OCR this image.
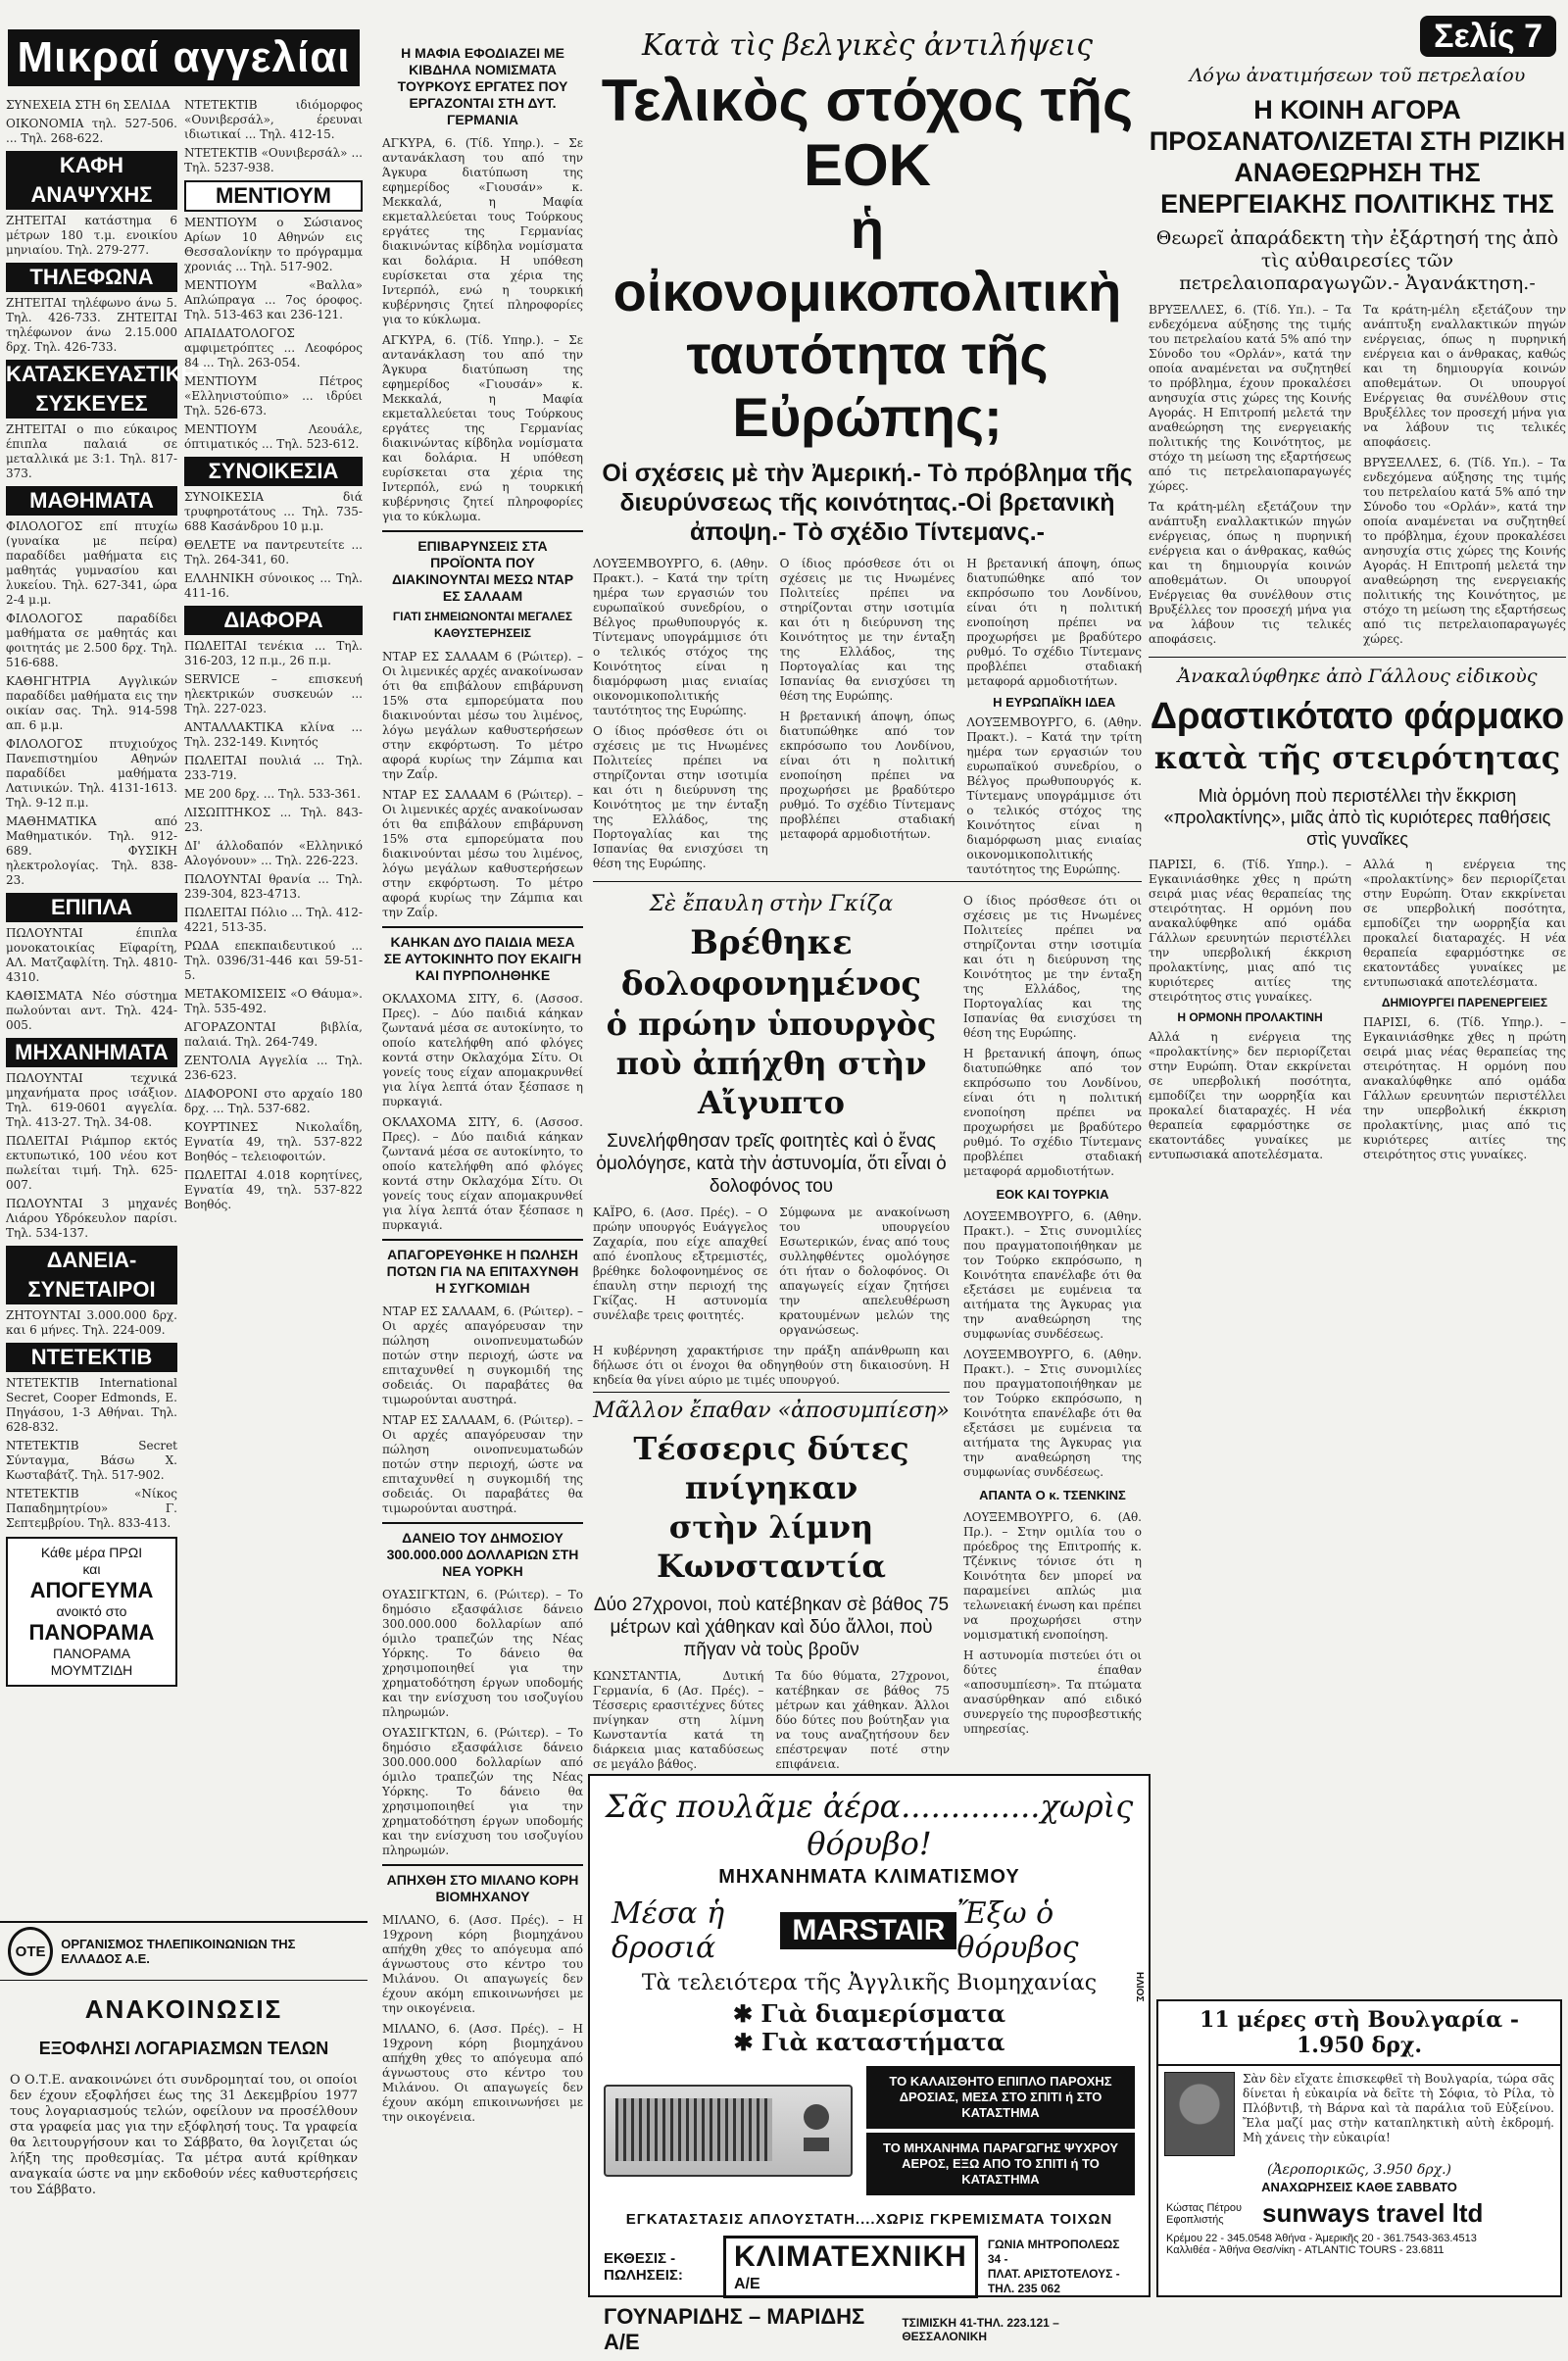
Μικραί αγγελίαι
ΣΥΝΕΧΕΙΑ ΣΤΗ 6η ΣΕΛΙΔΑ
ΟΙΚΟΝΟΜΙΑ τηλ. 527-506. ... Τηλ. 268-622.
ΚΑΦΗ ΑΝΑΨΥΧΗΣ
ΖΗΤΕΙΤΑΙ κατάστημα 6 μέτρων 180 τ.μ. ενοικίου μηνιαίου. Τηλ. 279-277.
ΤΗΛΕΦΩΝΑ
ΖΗΤΕΙΤΑΙ τηλέφωνο άνω 5. Τηλ. 426-733. ΖΗΤΕΙΤΑΙ τηλέφωνον άνω 2.15.000 δρχ. Τηλ. 426-733.
ΚΑΤΑΣΚΕΥΑΣΤΙΚΕΣ ΣΥΣΚΕΥΕΣ
ΖΗΤΕΙΤΑΙ ο πιο εύκαιρος έπιπλα παλαιά σε μεταλλικά με 3:1. Τηλ. 817-373.
ΜΑΘΗΜΑΤΑ
ΦΙΛΟΛΟΓΟΣ επί πτυχίω (γυναίκα με πείρα) παραδίδει μαθήματα εις μαθητάς γυμνασίου και λυκείου. Τηλ. 627-341, ώρα 2-4 μ.μ.
ΦΙΛΟΛΟΓΟΣ παραδίδει μαθήματα σε μαθητάς και φοιτητάς με 2.500 δρχ. Τηλ. 516-688.
ΚΑΘΗΓΗΤΡΙΑ Αγγλικών παραδίδει μαθήματα εις την οικίαν σας. Τηλ. 914-598 απ. 6 μ.μ.
ΦΙΛΟΛΟΓΟΣ πτυχιούχος Πανεπιστημίου Αθηνών παραδίδει μαθήματα Λατινικών. Τηλ. 4131-1613. Τηλ. 9-12 π.μ.
ΜΑΘΗΜΑΤΙΚΑ από Μαθηματικόν. Τηλ. 912-689. ΦΥΣΙΚΗ ηλεκτρολογίας. Τηλ. 838-23.
ΕΠΙΠΛΑ
ΠΩΛΟΥΝΤΑΙ έπιπλα μονοκατοικίας Εϊφαρίτη, ΑΛ. Ματζαφλίτη. Τηλ. 4810-4310.
ΚΑΘΙΣΜΑΤΑ Νέο σύστημα πωλούνται αντ. Τηλ. 424-005.
ΜΗΧΑΝΗΜΑΤΑ
ΠΩΛΟΥΝΤΑΙ τεχνικά μηχανήματα προς ισάξιον. Τηλ. 619-0601 αγγελία. Τηλ. 413-27. Τηλ. 34-08.
ΠΩΛΕΙΤΑΙ Ριάμπορ εκτός εκτυπωτικό, 100 νέου κοτ πωλείται τιμή. Τηλ. 625-007.
ΠΩΛΟΥΝΤΑΙ 3 μηχανές Λιάρου Υδρόκευλον παρίσι. Τηλ. 534-137.
ΔΑΝΕΙΑ-ΣΥΝΕΤΑΙΡΟΙ
ΖΗΤΟΥΝΤΑΙ 3.000.000 δρχ. και 6 μήνες. Τηλ. 224-009.
ΝΤΕΤΕΚΤΙΒ
ΝΤΕΤΕΚΤΙΒ International Secret, Cooper Edmonds, Ε. Πηγάσου, 1-3 Αθήναι. Τηλ. 628-832.
ΝΤΕΤΕΚΤΙΒ Secret Σύνταγμα, Βάσω Χ. Κωσταβάτζ. Τηλ. 517-902.
ΝΤΕΤΕΚΤΙΒ «Νίκος Παπαδημητρίου» Γ. Σεπτεμβρίου. Τηλ. 833-413.
Κάθε μέρα ΠΡΩΙ
και
ΑΠΟΓΕΥΜΑ
ανοικτό στο
ΠΑΝΟΡΑΜΑ
ΠΑΝΟΡΑΜΑ
ΜΟΥΜΤΖΙΔΗ
ΝΤΕΤΕΚΤΙΒ ιδιόμορφος «Ουνιβερσάλ», έρευναι ιδιωτικαί ... Τηλ. 412-15.
ΝΤΕΤΕΚΤΙΒ «Ουνιβερσάλ» ... Τηλ. 5237-938.
ΜΕΝΤΙΟΥΜ
ΜΕΝΤΙΟΥΜ ο Σώσιανος Αρίων 10 Αθηνών εις Θεσσαλονίκην το πρόγραμμα χρονιάς ... Τηλ. 517-902.
ΜΕΝΤΙΟΥΜ «Βαλλα» Απλώπραγα ... 7ος όροφος. Τηλ. 513-463 και 236-121.
ΑΠΑΙΔΑΤΟΛΟΓΟΣ αμφιμετρόπτες ... Λεοφόρος 84 ... Τηλ. 263-054.
ΜΕΝΤΙΟΥΜ Πέτρος «Ελληνιστούπιο» ... ιδρύει Τηλ. 526-673.
ΜΕΝΤΙΟΥΜ Λεουάλε, όπτιματικός ... Τηλ. 523-612.
ΣΥΝΟΙΚΕΣΙΑ
ΣΥΝΟΙΚΕΣΙΑ διά τρυφηροτάτους ... Τηλ. 735-688 Κασάνδρου 10 μ.μ.
ΘΕΛΕΤΕ να παντρευτείτε ... Τηλ. 264-341, 60.
ΕΛΛΗΝΙΚΗ σύνοικος ... Τηλ. 411-16.
ΔΙΑΦΟΡΑ
ΠΩΛΕΙΤΑΙ τενέκια ... Τηλ. 316-203, 12 π.μ., 26 π.μ.
SERVICE – επισκευή ηλεκτρικών συσκευών ... Τηλ. 227-023.
ΑΝΤΑΛΛΑΚΤΙΚΑ κλίνα ... Τηλ. 232-149. Κινητός
ΠΩΛΕΙΤΑΙ πουλιά ... Τηλ. 233-719.
ΜΕ 200 δρχ. ... Τηλ. 533-361.
ΛΙΣΩΠΤΗΚΟΣ ... Τηλ. 843-23.
ΔΙ' άλλοδαπόν «Ελληνικό Αλογόνουν» ... Τηλ. 226-223.
ΠΩΛΟΥΝΤΑΙ θρανία ... Τηλ. 239-304, 823-4713.
ΠΩΛΕΙΤΑΙ Πόλιο ... Τηλ. 412-4221, 513-35.
ΡΩΔΑ επεκπαιδευτικού ... Τηλ. 0396/31-446 και 59-51-5.
ΜΕΤΑΚΟΜΙΣΕΙΣ «Ο Θάυμα». Τηλ. 535-492.
ΑΓΟΡΑΖΟΝΤΑΙ βιβλία, παλαιά. Τηλ. 264-749.
ΖΕΝΤΟΛΙΑ Αγγελία ... Τηλ. 236-623.
ΔΙΑΦΟΡΟΝΙ στο αρχαίο 180 δρχ. ... Τηλ. 537-682.
ΚΟΥΡΤΙΝΕΣ Νικολαΐδη, Εγνατία 49, τηλ. 537-822 Βοηθός – τελειοφοιτών.
ΠΩΛΕΙΤΑΙ 4.018 κορητίνες, Εγνατία 49, τηλ. 537-822 Βοηθός.
ΟΤΕ	ΟΡΓΑΝΙΣΜΟΣ ΤΗΛΕΠΙΚΟΙΝΩΝΙΩΝ ΤΗΣ ΕΛΛΑΔΟΣ Α.Ε.
ΑΝΑΚΟΙΝΩΣΙΣ
ΕΞΟΦΛΗΣΙ ΛΟΓΑΡΙΑΣΜΩΝ ΤΕΛΩΝ

Ο Ο.Τ.Ε. ανακοινώνει ότι συνδρομηταί του, οι οποίοι δεν έχουν εξοφλήσει έως της 31 Δεκεμβρίου 1977 τους λογαριασμούς τελών, οφείλουν να προσέλθουν στα γραφεία μας για την εξόφλησή τους. Τα γραφεία θα λειτουργήσουν και το Σάββατο, θα λογιζεται ώς λήξη της προθεσμίας. Τα μέτρα αυτά κρίθηκαν αναγκαία ώστε να μην εκδοθούν νέες καθυστερήσεις του Σάββατο.

Η ΜΑΦΙΑ ΕΦΟΔΙΑΖΕΙ ΜΕ ΚΙΒΔΗΛΑ ΝΟΜΙΣΜΑΤΑ ΤΟΥΡΚΟΥΣ ΕΡΓΑΤΕΣ ΠΟΥ ΕΡΓΑΖΟΝΤΑΙ ΣΤΗ ΔΥΤ. ΓΕΡΜΑΝΙΑ

ΑΓΚΥΡΑ, 6. (Τίδ. Υπηρ.). – Σε αντανάκλαση του από την Άγκυρα διατύπωση της εφημερίδος «Γιουσάν» κ. Μεκκαλά, η Μαφία εκμεταλλεύεται τους Τούρκους εργάτες της Γερμανίας διακινώντας κίβδηλα νομίσματα και δολάρια. Η υπόθεση ευρίσκεται στα χέρια της Ιντερπόλ, ενώ η τουρκική κυβέρνησις ζητεί πληροφορίες για το κύκλωμα.

ΑΓΚΥΡΑ, 6. (Τίδ. Υπηρ.). – Σε αντανάκλαση του από την Άγκυρα διατύπωση της εφημερίδος «Γιουσάν» κ. Μεκκαλά, η Μαφία εκμεταλλεύεται τους Τούρκους εργάτες της Γερμανίας διακινώντας κίβδηλα νομίσματα και δολάρια. Η υπόθεση ευρίσκεται στα χέρια της Ιντερπόλ, ενώ η τουρκική κυβέρνησις ζητεί πληροφορίες για το κύκλωμα.

ΕΠΙΒΑΡΥΝΣΕΙΣ ΣΤΑ ΠΡΟΪΟΝΤΑ ΠΟΥ ΔΙΑΚΙΝΟΥΝΤΑΙ ΜΕΣΩ ΝΤΑΡ ΕΣ ΣΑΛΑΑΜ
ΓΙΑΤΙ ΣΗΜΕΙΩΝΟΝΤΑΙ ΜΕΓΑΛΕΣ ΚΑΘΥΣΤΕΡΗΣΕΙΣ

ΝΤΑΡ ΕΣ ΣΑΛΑΑΜ 6 (Ρώιτερ). – Οι λιμενικές αρχές ανακοίνωσαν ότι θα επιβάλουν επιβάρυνση 15% στα εμπορεύματα που διακινούνται μέσω του λιμένος, λόγω μεγάλων καθυστερήσεων στην εκφόρτωση. Το μέτρο αφορά κυρίως την Ζάμπια και την Ζαΐρ.

ΝΤΑΡ ΕΣ ΣΑΛΑΑΜ 6 (Ρώιτερ). – Οι λιμενικές αρχές ανακοίνωσαν ότι θα επιβάλουν επιβάρυνση 15% στα εμπορεύματα που διακινούνται μέσω του λιμένος, λόγω μεγάλων καθυστερήσεων στην εκφόρτωση. Το μέτρο αφορά κυρίως την Ζάμπια και την Ζαΐρ.

ΚΑΗΚΑΝ ΔΥΟ ΠΑΙΔΙΑ ΜΕΣΑ ΣΕ ΑΥΤΟΚΙΝΗΤΟ ΠΟΥ ΕΚΑΙΓΗ ΚΑΙ ΠΥΡΠΟΛΗΘΗΚΕ

ΟΚΛΑΧΟΜΑ ΣΙΤΥ, 6. (Ασσοσ. Πρες). – Δύο παιδιά κάηκαν ζωντανά μέσα σε αυτοκίνητο, το οποίο κατελήφθη από φλόγες κοντά στην Οκλαχόμα Σίτυ. Οι γονείς τους είχαν απομακρυνθεί για λίγα λεπτά όταν ξέσπασε η πυρκαγιά.

ΟΚΛΑΧΟΜΑ ΣΙΤΥ, 6. (Ασσοσ. Πρες). – Δύο παιδιά κάηκαν ζωντανά μέσα σε αυτοκίνητο, το οποίο κατελήφθη από φλόγες κοντά στην Οκλαχόμα Σίτυ. Οι γονείς τους είχαν απομακρυνθεί για λίγα λεπτά όταν ξέσπασε η πυρκαγιά.

ΑΠΑΓΟΡΕΥΘΗΚΕ Η ΠΩΛΗΣΗ ΠΟΤΩΝ ΓΙΑ ΝΑ ΕΠΙΤΑΧΥΝΘΗ Η ΣΥΓΚΟΜΙΔΗ

ΝΤΑΡ ΕΣ ΣΑΛΑΑΜ, 6. (Ρώιτερ). – Οι αρχές απαγόρευσαν την πώληση οινοπνευματωδών ποτών στην περιοχή, ώστε να επιταχυνθεί η συγκομιδή της σοδειάς. Οι παραβάτες θα τιμωρούνται αυστηρά.

ΝΤΑΡ ΕΣ ΣΑΛΑΑΜ, 6. (Ρώιτερ). – Οι αρχές απαγόρευσαν την πώληση οινοπνευματωδών ποτών στην περιοχή, ώστε να επιταχυνθεί η συγκομιδή της σοδειάς. Οι παραβάτες θα τιμωρούνται αυστηρά.

ΔΑΝΕΙΟ ΤΟΥ ΔΗΜΟΣΙΟΥ 300.000.000 ΔΟΛΛΑΡΙΩΝ ΣΤΗ ΝΕΑ ΥΟΡΚΗ

ΟΥΑΣΙΓΚΤΩΝ, 6. (Ρώιτερ). – Το δημόσιο εξασφάλισε δάνειο 300.000.000 δολλαρίων από όμιλο τραπεζών της Νέας Υόρκης. Το δάνειο θα χρησιμοποιηθεί για την χρηματοδότηση έργων υποδομής και την ενίσχυση του ισοζυγίου πληρωμών.

ΟΥΑΣΙΓΚΤΩΝ, 6. (Ρώιτερ). – Το δημόσιο εξασφάλισε δάνειο 300.000.000 δολλαρίων από όμιλο τραπεζών της Νέας Υόρκης. Το δάνειο θα χρησιμοποιηθεί για την χρηματοδότηση έργων υποδομής και την ενίσχυση του ισοζυγίου πληρωμών.

ΑΠΗΧΘΗ ΣΤΟ ΜΙΛΑΝΟ ΚΟΡΗ ΒΙΟΜΗΧΑΝΟΥ

ΜΙΛΑΝΟ, 6. (Ασσ. Πρές). – Η 19χρονη κόρη βιομηχάνου απήχθη χθες το απόγευμα από άγνωστους στο κέντρο του Μιλάνου. Οι απαγωγείς δεν έχουν ακόμη επικοινωνήσει με την οικογένεια.

ΜΙΛΑΝΟ, 6. (Ασσ. Πρές). – Η 19χρονη κόρη βιομηχάνου απήχθη χθες το απόγευμα από άγνωστους στο κέντρο του Μιλάνου. Οι απαγωγείς δεν έχουν ακόμη επικοινωνήσει με την οικογένεια.

Κατὰ τὶς βελγικὲς ἀντιλήψεις
Τελικὸς στόχος τῆς ΕΟΚ
ἡ οἰκονομικοπολιτικὴ
ταυτότητα τῆς Εὐρώπης;
Οἱ σχέσεις μὲ τὴν Ἀμερική.- Τὸ πρόβλημα τῆς διευρύνσεως τῆς κοινότητας.-Οἱ βρετανικὴ ἀποψη.- Τὸ σχέδιο Τίντεμανς.-

ΛΟΥΞΕΜΒΟΥΡΓΟ, 6. (Αθην. Πρακτ.). – Κατά την τρίτη ημέρα των εργασιών του ευρωπαϊκού συνεδρίου, ο Βέλγος πρωθυπουργός κ. Τίντεμανς υπογράμμισε ότι ο τελικός στόχος της Κοινότητος είναι η διαμόρφωση μιας ενιαίας οικονομικοπολιτικής ταυτότητος της Ευρώπης.

Ο ίδιος πρόσθεσε ότι οι σχέσεις με τις Ηνωμένες Πολιτείες πρέπει να στηρίζονται στην ισοτιμία και ότι η διεύρυνση της Κοινότητος με την ένταξη της Ελλάδος, της Πορτογαλίας και της Ισπανίας θα ενισχύσει τη θέση της Ευρώπης.

Ο ίδιος πρόσθεσε ότι οι σχέσεις με τις Ηνωμένες Πολιτείες πρέπει να στηρίζονται στην ισοτιμία και ότι η διεύρυνση της Κοινότητος με την ένταξη της Ελλάδος, της Πορτογαλίας και της Ισπανίας θα ενισχύσει τη θέση της Ευρώπης.

Η βρετανική άποψη, όπως διατυπώθηκε από τον εκπρόσωπο του Λονδίνου, είναι ότι η πολιτική ενοποίηση πρέπει να προχωρήσει με βραδύτερο ρυθμό. Το σχέδιο Τίντεμανς προβλέπει σταδιακή μεταφορά αρμοδιοτήτων.

Η βρετανική άποψη, όπως διατυπώθηκε από τον εκπρόσωπο του Λονδίνου, είναι ότι η πολιτική ενοποίηση πρέπει να προχωρήσει με βραδύτερο ρυθμό. Το σχέδιο Τίντεμανς προβλέπει σταδιακή μεταφορά αρμοδιοτήτων.

Η ΕΥΡΩΠΑΪΚΗ ΙΔΕΑ

ΛΟΥΞΕΜΒΟΥΡΓΟ, 6. (Αθην. Πρακτ.). – Κατά την τρίτη ημέρα των εργασιών του ευρωπαϊκού συνεδρίου, ο Βέλγος πρωθυπουργός κ. Τίντεμανς υπογράμμισε ότι ο τελικός στόχος της Κοινότητος είναι η διαμόρφωση μιας ενιαίας οικονομικοπολιτικής ταυτότητος της Ευρώπης.

Σὲ ἔπαυλη στὴν Γκίζα
Βρέθηκε δολοφονημένος
ὁ πρώην ὑπουργὸς
ποὺ ἀπήχθη στὴν Αἴγυπτο
Συνελήφθησαν τρεῖς φοιτητὲς καὶ ὁ ἕνας ὁμολόγησε, κατὰ τὴν ἀστυνομία, ὅτι εἶναι ὁ δολοφόνος του

ΚΑΪΡΟ, 6. (Ασσ. Πρές). – Ο πρώην υπουργός Ευάγγελος Ζαχαρία, που είχε απαχθεί από ένοπλους εξτρεμιστές, βρέθηκε δολοφονημένος σε έπαυλη στην περιοχή της Γκίζας. Η αστυνομία συνέλαβε τρεις φοιτητές.

Σύμφωνα με ανακοίνωση του υπουργείου Εσωτερικών, ένας από τους συλληφθέντες ομολόγησε ότι ήταν ο δολοφόνος. Οι απαγωγείς είχαν ζητήσει την απελευθέρωση κρατουμένων μελών της οργανώσεως.

Η κυβέρνηση χαρακτήρισε την πράξη απάνθρωπη και δήλωσε ότι οι ένοχοι θα οδηγηθούν στη δικαιοσύνη. Η κηδεία θα γίνει αύριο με τιμές υπουργού.

Μᾶλλον ἔπαθαν «ἀποσυμπίεση»
Τέσσερις δύτες πνίγηκαν
στὴν λίμνη Κωνσταντία
Δύο 27χρονοι, ποὺ κατέβηκαν σὲ βάθος 75 μέτρων καὶ χάθηκαν καὶ δύο ἄλλοι, ποὺ πῆγαν νὰ τοὺς βροῦν

ΚΩΝΣΤΑΝΤΙΑ, Δυτική Γερμανία, 6 (Ασ. Πρές). – Τέσσερις ερασιτέχνες δύτες πνίγηκαν στη λίμνη Κωνσταντία κατά τη διάρκεια μιας καταδύσεως σε μεγάλο βάθος.

Τα δύο θύματα, 27χρονοι, κατέβηκαν σε βάθος 75 μέτρων και χάθηκαν. Άλλοι δύο δύτες που βούτηξαν για να τους αναζητήσουν δεν επέστρεψαν ποτέ στην επιφάνεια.

Ο ίδιος πρόσθεσε ότι οι σχέσεις με τις Ηνωμένες Πολιτείες πρέπει να στηρίζονται στην ισοτιμία και ότι η διεύρυνση της Κοινότητος με την ένταξη της Ελλάδος, της Πορτογαλίας και της Ισπανίας θα ενισχύσει τη θέση της Ευρώπης.

Η βρετανική άποψη, όπως διατυπώθηκε από τον εκπρόσωπο του Λονδίνου, είναι ότι η πολιτική ενοποίηση πρέπει να προχωρήσει με βραδύτερο ρυθμό. Το σχέδιο Τίντεμανς προβλέπει σταδιακή μεταφορά αρμοδιοτήτων.

ΕΟΚ ΚΑΙ ΤΟΥΡΚΙΑ

ΛΟΥΞΕΜΒΟΥΡΓΟ, 6. (Αθην. Πρακτ.). – Στις συνομιλίες που πραγματοποιήθηκαν με τον Τούρκο εκπρόσωπο, η Κοινότητα επανέλαβε ότι θα εξετάσει με ευμένεια τα αιτήματα της Άγκυρας για την αναθεώρηση της συμφωνίας συνδέσεως.

ΛΟΥΞΕΜΒΟΥΡΓΟ, 6. (Αθην. Πρακτ.). – Στις συνομιλίες που πραγματοποιήθηκαν με τον Τούρκο εκπρόσωπο, η Κοινότητα επανέλαβε ότι θα εξετάσει με ευμένεια τα αιτήματα της Άγκυρας για την αναθεώρηση της συμφωνίας συνδέσεως.

ΑΠΑΝΤΑ Ο κ. ΤΣΕΝΚΙΝΣ

ΛΟΥΞΕΜΒΟΥΡΓΟ, 6. (Αθ. Πρ.). – Στην ομιλία του ο πρόεδρος της Επιτροπής κ. Τζένκινς τόνισε ότι η Κοινότητα δεν μπορεί να παραμείνει απλώς μια τελωνειακή ένωση και πρέπει να προχωρήσει στην νομισματική ενοποίηση.

Η αστυνομία πιστεύει ότι οι δύτες έπαθαν «αποσυμπίεση». Τα πτώματα ανασύρθηκαν από ειδικό συνεργείο της πυροσβεστικής υπηρεσίας.

Σελίς 7
Λόγω ἀνατιμήσεων τοῦ πετρελαίου
Η ΚΟΙΝΗ ΑΓΟΡΑ ΠΡΟΣΑΝΑΤΟΛΙΖΕΤΑΙ ΣΤΗ ΡΙΖΙΚΗ ΑΝΑΘΕΩΡΗΣΗ ΤΗΣ ΕΝΕΡΓΕΙΑΚΗΣ ΠΟΛΙΤΙΚΗΣ ΤΗΣ
Θεωρεῖ ἀπαράδεκτη τὴν ἐξάρτησή της ἀπὸ τὶς αὐθαιρεσίες τῶν πετρελαιοπαραγωγῶν.- Ἀγανάκτηση.-

ΒΡΥΞΕΛΛΕΣ, 6. (Τίδ. Υπ.). – Τα ενδεχόμενα αύξησης της τιμής του πετρελαίου κατά 5% από την Σύνοδο του «Ορλάν», κατά την οποία αναμένεται να συζητηθεί το πρόβλημα, έχουν προκαλέσει ανησυχία στις χώρες της Κοινής Αγοράς. Η Επιτροπή μελετά την αναθεώρηση της ενεργειακής πολιτικής της Κοινότητος, με στόχο τη μείωση της εξαρτήσεως από τις πετρελαιοπαραγωγές χώρες.

Τα κράτη-μέλη εξετάζουν την ανάπτυξη εναλλακτικών πηγών ενέργειας, όπως η πυρηνική ενέργεια και ο άνθρακας, καθώς και τη δημιουργία κοινών αποθεμάτων. Οι υπουργοί Ενέργειας θα συνέλθουν στις Βρυξέλλες τον προσεχή μήνα για να λάβουν τις τελικές αποφάσεις.

Τα κράτη-μέλη εξετάζουν την ανάπτυξη εναλλακτικών πηγών ενέργειας, όπως η πυρηνική ενέργεια και ο άνθρακας, καθώς και τη δημιουργία κοινών αποθεμάτων. Οι υπουργοί Ενέργειας θα συνέλθουν στις Βρυξέλλες τον προσεχή μήνα για να λάβουν τις τελικές αποφάσεις.

ΒΡΥΞΕΛΛΕΣ, 6. (Τίδ. Υπ.). – Τα ενδεχόμενα αύξησης της τιμής του πετρελαίου κατά 5% από την Σύνοδο του «Ορλάν», κατά την οποία αναμένεται να συζητηθεί το πρόβλημα, έχουν προκαλέσει ανησυχία στις χώρες της Κοινής Αγοράς. Η Επιτροπή μελετά την αναθεώρηση της ενεργειακής πολιτικής της Κοινότητος, με στόχο τη μείωση της εξαρτήσεως από τις πετρελαιοπαραγωγές χώρες.

Ἀνακαλύφθηκε ἀπὸ Γάλλους εἰδικοὺς
Δραστικότατο φάρμακο
κατὰ τῆς στειρότητας
Μιὰ ὁρμόνη ποὺ περιστέλλει τὴν ἔκκριση «προλακτίνης», μιᾶς ἀπὸ τὶς κυριότερες παθήσεις στὶς γυναῖκες

ΠΑΡΙΣΙ, 6. (Τίδ. Υπηρ.). – Εγκαινιάσθηκε χθες η πρώτη σειρά μιας νέας θεραπείας της στειρότητας. Η ορμόνη που ανακαλύφθηκε από ομάδα Γάλλων ερευνητών περιστέλλει την υπερβολική έκκριση προλακτίνης, μιας από τις κυριότερες αιτίες της στειρότητος στις γυναίκες.

Η ΟΡΜΟΝΗ ΠΡΟΛΑΚΤΙΝΗ

Αλλά η ενέργεια της «προλακτίνης» δεν περιορίζεται στην Ευρώπη. Όταν εκκρίνεται σε υπερβολική ποσότητα, εμποδίζει την ωορρηξία και προκαλεί διαταραχές. Η νέα θεραπεία εφαρμόστηκε σε εκατοντάδες γυναίκες με εντυπωσιακά αποτελέσματα.

Αλλά η ενέργεια της «προλακτίνης» δεν περιορίζεται στην Ευρώπη. Όταν εκκρίνεται σε υπερβολική ποσότητα, εμποδίζει την ωορρηξία και προκαλεί διαταραχές. Η νέα θεραπεία εφαρμόστηκε σε εκατοντάδες γυναίκες με εντυπωσιακά αποτελέσματα.

ΔΗΜΙΟΥΡΓΕΙ ΠΑΡΕΝΕΡΓΕΙΕΣ

ΠΑΡΙΣΙ, 6. (Τίδ. Υπηρ.). – Εγκαινιάσθηκε χθες η πρώτη σειρά μιας νέας θεραπείας της στειρότητας. Η ορμόνη που ανακαλύφθηκε από ομάδα Γάλλων ερευνητών περιστέλλει την υπερβολική έκκριση προλακτίνης, μιας από τις κυριότερες αιτίες της στειρότητος στις γυναίκες.

Σᾶς πουλᾶμε ἀέρα..............χωρὶς θόρυβο!
ΜΗΧΑΝΗΜΑΤΑ ΚΛΙΜΑΤΙΣΜΟΥ
Μέσα ἡ δροσιά
MARSTAIR Ἔξω ὁ θόρυβος
Τὰ τελειότερα τῆς Ἀγγλικῆς Βιομηχανίας
✱ Γιὰ διαμερίσματα
✱ Γιὰ καταστήματα
ΤΟ ΚΑΛΑΙΣΘΗΤΟ ΕΠΙΠΛΟ ΠΑΡΟΧΗΣ ΔΡΟΣΙΑΣ, ΜΕΣΑ ΣΤΟ ΣΠΙΤΙ ή ΣΤΟ ΚΑΤΑΣΤΗΜΑ
ΤΟ ΜΗΧΑΝΗΜΑ ΠΑΡΑΓΩΓΗΣ ΨΥΧΡΟΥ ΑΕΡΟΣ, ΕΞΩ ΑΠΟ ΤΟ ΣΠΙΤΙ ή ΤΟ ΚΑΤΑΣΤΗΜΑ
ΕΓΚΑΤΑΣΤΑΣΙΣ ΑΠΛΟΥΣΤΑΤΗ....ΧΩΡΙΣ ΓΚΡΕΜΙΣΜΑΤΑ ΤΟΙΧΩΝ
ΕΚΘΕΣΙΣ - ΠΩΛΗΣΕΙΣ:
ΚΛΙΜΑΤΕΧΝΙΚΗ Α/Ε
ΓΩΝΙΑ ΜΗΤΡΟΠΟΛΕΩΣ 34 -
ΠΛΑΤ. ΑΡΙΣΤΟΤΕΛΟΥΣ - ΤΗΛ. 235 062
ΓΟΥΝΑΡΙΔΗΣ – ΜΑΡΙΔΗΣ Α/Ε
ΤΣΙΜΙΣΚΗ 41-ΤΗΛ. 223.121 – ΘΕΣΣΑΛΟΝΙΚΗ
ΗΛΙΟΣ
11 μέρες στὴ Βουλγαρία - 1.950 δρχ.

Σὰν δὲν εἴχατε ἐπισκεφθεῖ τὴ Βουλγαρία, τώρα σᾶς δίνεται ἡ εὐκαιρία νὰ δεῖτε τὴ Σόφια, τὸ Ρίλα, τὸ Πλόβντιβ, τὴ Βάρνα καὶ τὰ παράλια τοῦ Εὐξείνου. Ἔλα μαζί μας στὴν καταπληκτικὴ αὐτὴ ἐκδρομή. Μὴ χάνεις τὴν εὐκαιρία!

(Ἀεροπορικῶς, 3.950 δρχ.)
ΑΝΑΧΩΡΗΣΕΙΣ ΚΑΘΕ ΣΑΒΒΑΤΟ
Κώστας Πέτρου Εφοπλιστής	sunways travel ltd
Κρέμου 22 - 345.0548 Ἀθήνα - Ἀμερικῆς 20 - 361.7543-363.4513
Καλλιθέα - Ἀθήνα Θεσ/νίκη - ATLANTIC TOURS - 23.6811
